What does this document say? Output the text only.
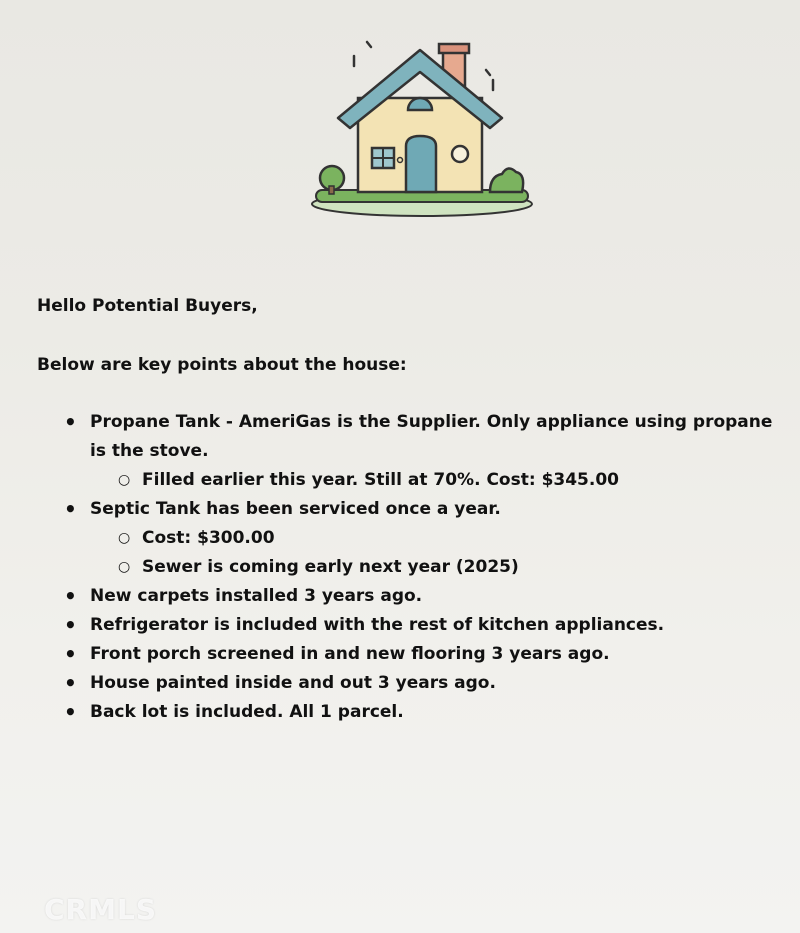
Hello Potential Buyers,
Below are key points about the house:
• Propane Tank - AmeriGas is the Supplier. Only appliance using propane is the stove.
○ Filled earlier this year. Still at 70%. Cost: $345.00
• Septic Tank has been serviced once a year.
○ Cost: $300.00
○ Sewer is coming early next year (2025)
• New carpets installed 3 years ago.
• Refrigerator is included with the rest of kitchen appliances.
• Front porch screened in and new flooring 3 years ago.
• House painted inside and out 3 years ago.
• Back lot is included. All 1 parcel.
CRMLS
